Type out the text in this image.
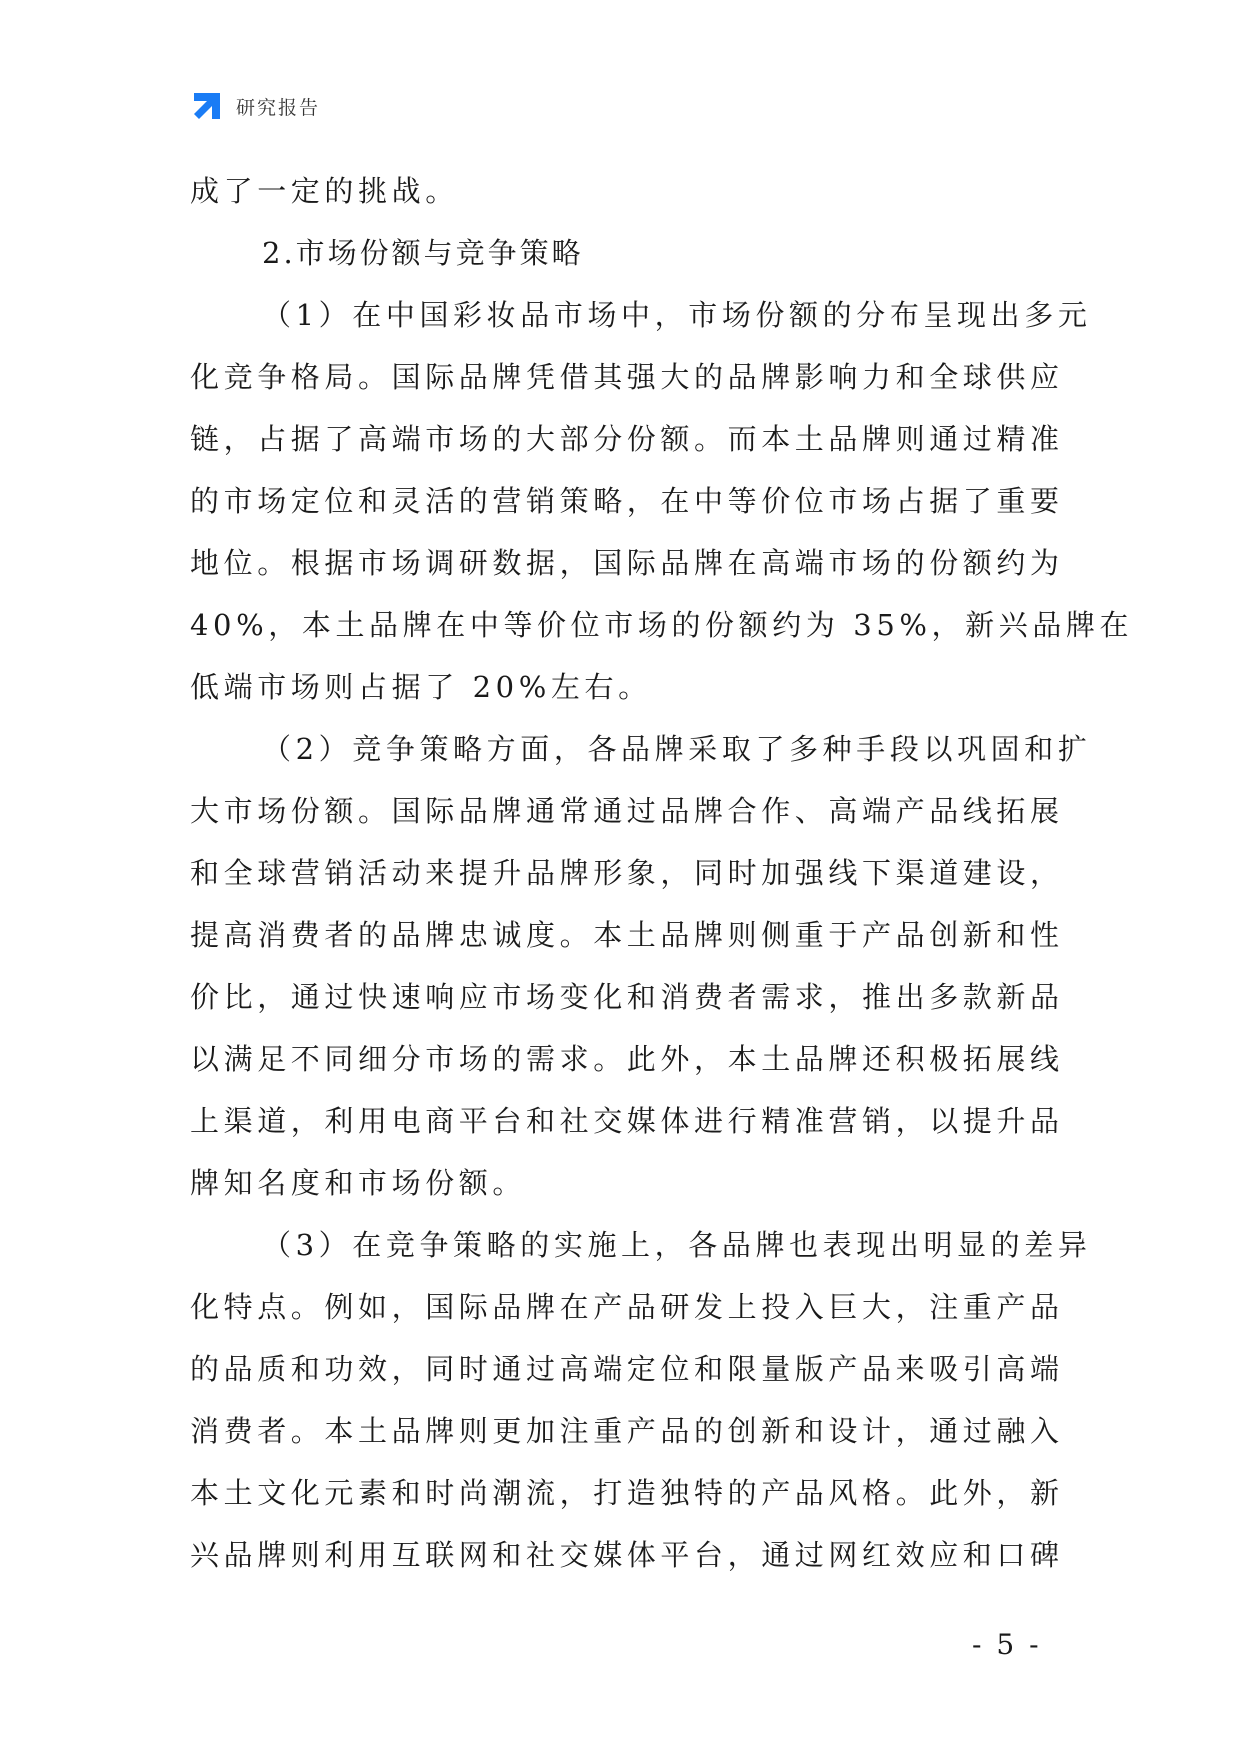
研究报告
成了一定的挑战。
2.市场份额与竞争策略
（1）在中国彩妆品市场中，市场份额的分布呈现出多元
化竞争格局。国际品牌凭借其强大的品牌影响力和全球供应
链，占据了高端市场的大部分份额。而本土品牌则通过精准
的市场定位和灵活的营销策略，在中等价位市场占据了重要
地位。根据市场调研数据，国际品牌在高端市场的份额约为
40%，本土品牌在中等价位市场的份额约为 35%，新兴品牌在
低端市场则占据了 20%左右。
（2）竞争策略方面，各品牌采取了多种手段以巩固和扩
大市场份额。国际品牌通常通过品牌合作、高端产品线拓展
和全球营销活动来提升品牌形象，同时加强线下渠道建设，
提高消费者的品牌忠诚度。本土品牌则侧重于产品创新和性
价比，通过快速响应市场变化和消费者需求，推出多款新品
以满足不同细分市场的需求。此外，本土品牌还积极拓展线
上渠道，利用电商平台和社交媒体进行精准营销，以提升品
牌知名度和市场份额。
（3）在竞争策略的实施上，各品牌也表现出明显的差异
化特点。例如，国际品牌在产品研发上投入巨大，注重产品
的品质和功效，同时通过高端定位和限量版产品来吸引高端
消费者。本土品牌则更加注重产品的创新和设计，通过融入
本土文化元素和时尚潮流，打造独特的产品风格。此外，新
兴品牌则利用互联网和社交媒体平台，通过网红效应和口碑
- 5 -
